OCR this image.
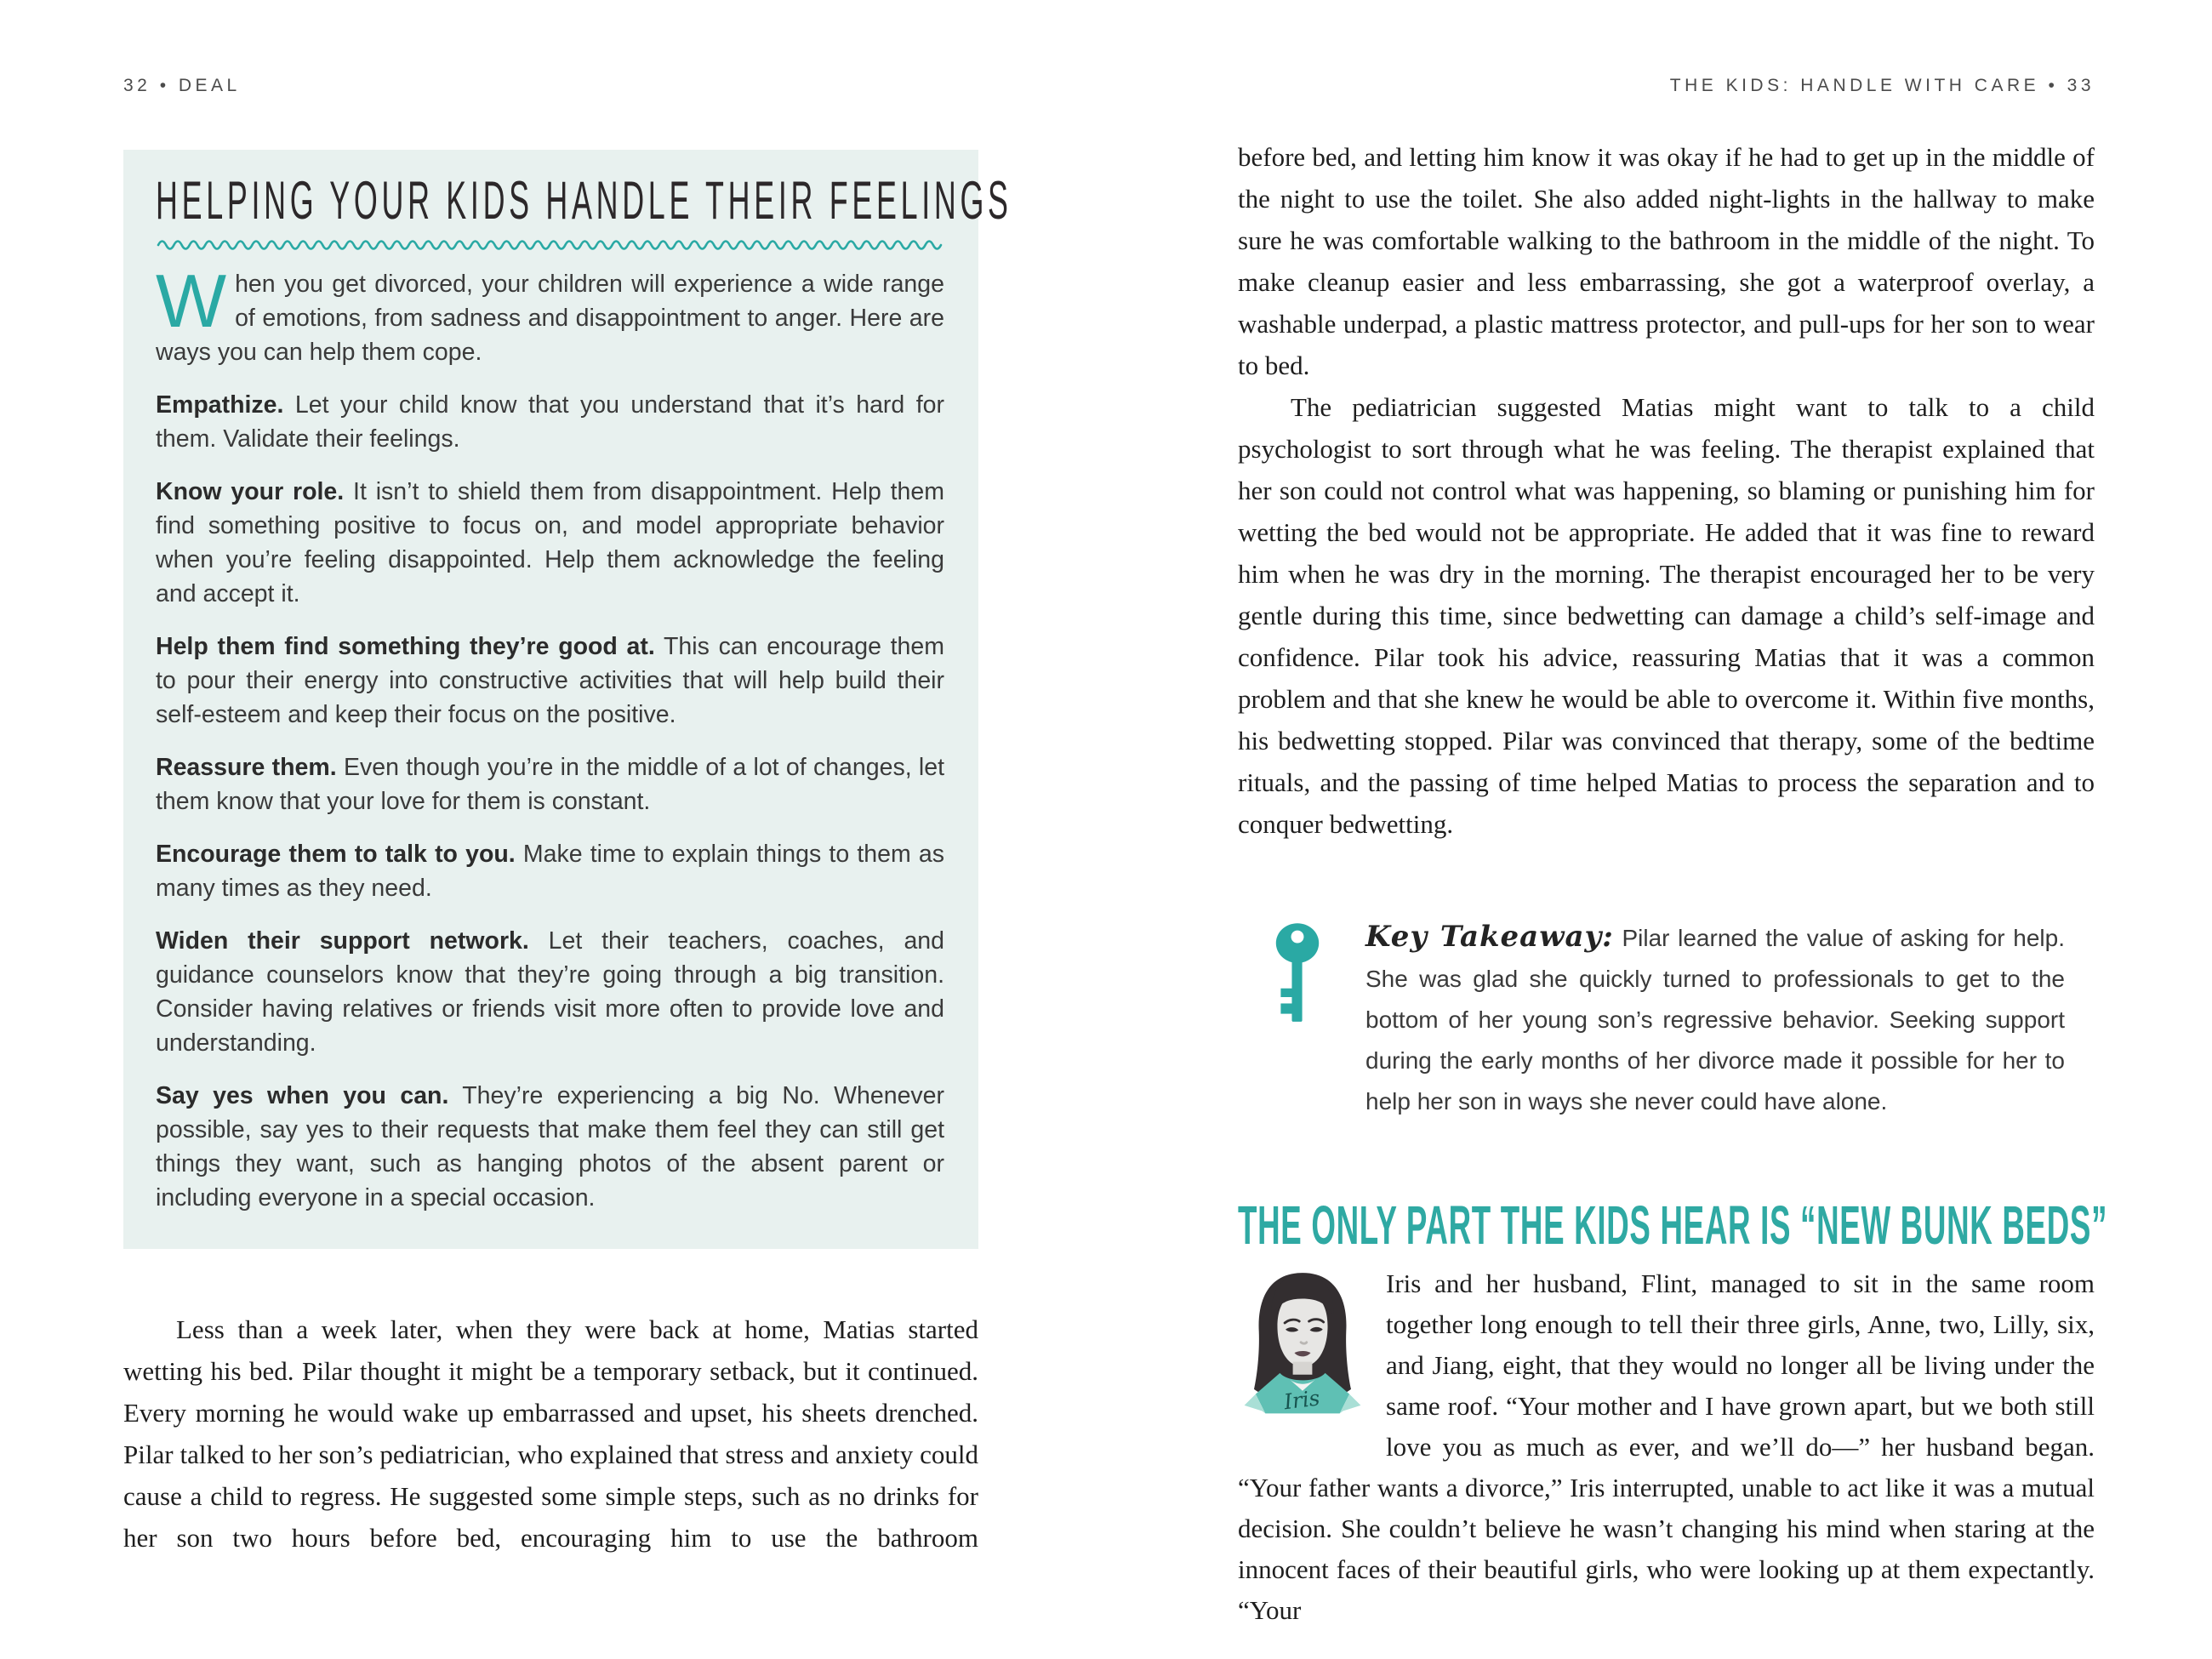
32 • DEAL
HELPING YOUR KIDS HANDLE THEIR FEELINGS

When you get divorced, your children will experience a wide range of emotions, from sadness and disappointment to anger. Here are ways you can help them cope.

Empathize. Let your child know that you understand that it’s hard for them. Validate their feelings.

Know your role. It isn’t to shield them from disappointment. Help them find something positive to focus on, and model appropriate behavior when you’re feeling disappointed. Help them acknowledge the feeling and accept it.

Help them find something they’re good at. This can encourage them to pour their energy into constructive activities that will help build their self-esteem and keep their focus on the positive.

Reassure them. Even though you’re in the middle of a lot of changes, let them know that your love for them is constant.

Encourage them to talk to you. Make time to explain things to them as many times as they need.

Widen their support network. Let their teachers, coaches, and guidance counselors know that they’re going through a big transition. Consider having relatives or friends visit more often to provide love and understanding.

Say yes when you can. They’re experiencing a big No. Whenever possible, say yes to their requests that make them feel they can still get things they want, such as hanging photos of the absent parent or including everyone in a special occasion.

Less than a week later, when they were back at home, Matias started wetting his bed. Pilar thought it might be a temporary setback, but it continued. Every morning he would wake up embarrassed and upset, his sheets drenched. Pilar talked to her son’s pediatrician, who explained that stress and anxiety could cause a child to regress. He suggested some simple steps, such as no drinks for her son two hours before bed, encouraging him to use the bathroom

THE KIDS: HANDLE WITH CARE • 33

before bed, and letting him know it was okay if he had to get up in the middle of the night to use the toilet. She also added night-lights in the hallway to make sure he was comfortable walking to the bathroom in the middle of the night. To make cleanup easier and less embarrassing, she got a waterproof overlay, a washable underpad, a plastic mattress protector, and pull-ups for her son to wear to bed.

The pediatrician suggested Matias might want to talk to a child psychologist to sort through what he was feeling. The therapist explained that her son could not control what was happening, so blaming or punishing him for wetting the bed would not be appropriate. He added that it was fine to reward him when he was dry in the morning. The therapist encouraged her to be very gentle during this time, since bedwetting can damage a child’s self-image and confidence. Pilar took his advice, reassuring Matias that it was a common problem and that she knew he would be able to overcome it. Within five months, his bedwetting stopped. Pilar was convinced that therapy, some of the bedtime rituals, and the passing of time helped Matias to process the separation and to conquer bedwetting.

Key Takeaway: Pilar learned the value of asking for help. She was glad she quickly turned to professionals to get to the bottom of her young son’s regressive behavior. Seeking support during the early months of her divorce made it possible for her to help her son in ways she never could have alone.

THE ONLY PART THE KIDS HEAR IS “NEW BUNK BEDS”
Iris

Iris and her husband, Flint, managed to sit in the same room together long enough to tell their three girls, Anne, two, Lilly, six, and Jiang, eight, that they would no longer all be living under the same roof. “Your mother and I have grown apart, but we both still love you as much as ever, and we’ll do—” her husband began. “Your father wants a divorce,” Iris interrupted, unable to act like it was a mutual decision. She couldn’t believe he wasn’t changing his mind when staring at the innocent faces of their beautiful girls, who were looking up at them expectantly. “Your
